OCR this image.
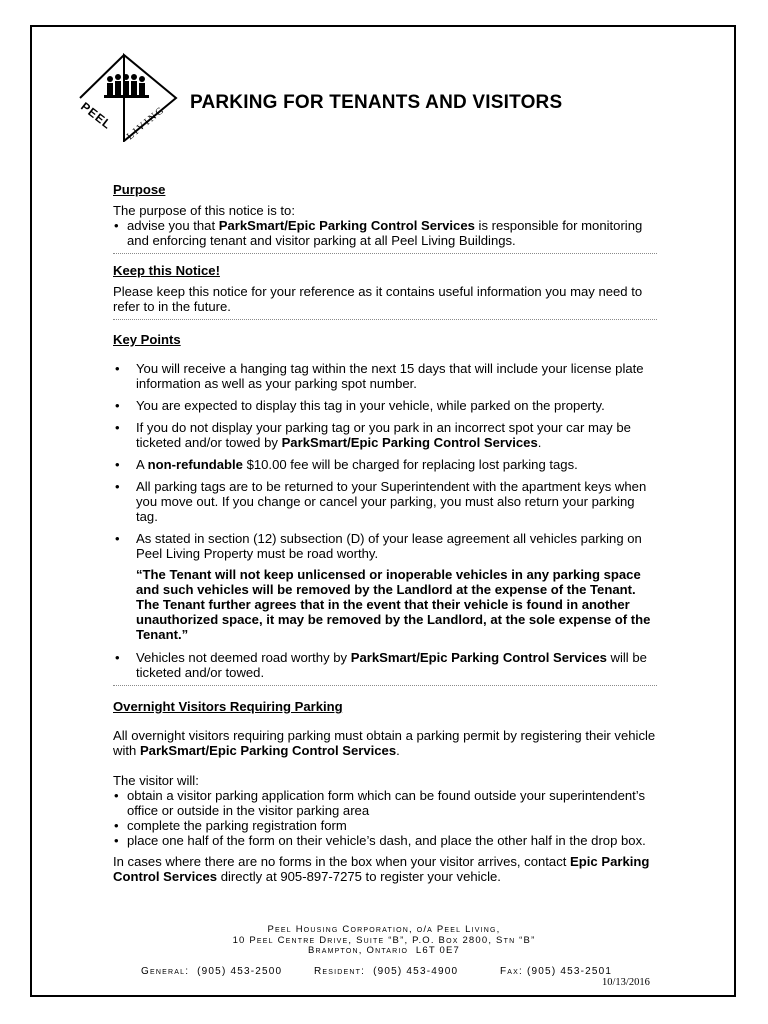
PEEL LIVING
PARKING FOR TENANTS AND VISITORS
Purpose

The purpose of this notice is to:

• advise you that ParkSmart/Epic Parking Control Services is responsible for monitoring and enforcing tenant and visitor parking at all Peel Living Buildings.
Keep this Notice!

Please keep this notice for your reference as it contains useful information you may need to refer to in the future.

Key Points
• You will receive a hanging tag within the next 15 days that will include your license plate information as well as your parking spot number.
• You are expected to display this tag in your vehicle, while parked on the property.
• If you do not display your parking tag or you park in an incorrect spot your car may be ticketed and/or towed by ParkSmart/Epic Parking Control Services.
• A non-refundable $10.00 fee will be charged for replacing lost parking tags.
• All parking tags are to be returned to your Superintendent with the apartment keys when you move out. If you change or cancel your parking, you must also return your parking tag.
• As stated in section (12) subsection (D) of your lease agreement all vehicles parking on Peel Living Property must be road worthy.
“The Tenant will not keep unlicensed or inoperable vehicles in any parking space and such vehicles will be removed by the Landlord at the expense of the Tenant. The Tenant further agrees that in the event that their vehicle is found in another unauthorized space, it may be removed by the Landlord, at the sole expense of the Tenant.”
• Vehicles not deemed road worthy by ParkSmart/Epic Parking Control Services will be ticketed and/or towed.
Overnight Visitors Requiring Parking

All overnight visitors requiring parking must obtain a parking permit by registering their vehicle with ParkSmart/Epic Parking Control Services.

The visitor will:

• obtain a visitor parking application form which can be found outside your superintendent’s office or outside in the visitor parking area
• complete the parking registration form
• place one half of the form on their vehicle’s dash, and place the other half in the drop box.

In cases where there are no forms in the box when your visitor arrives, contact Epic Parking Control Services directly at 905-897-7275 to register your vehicle.

Peel Housing Corporation, o/a Peel Living,
10 Peel Centre Drive, Suite “B”, P.O. Box 2800, Stn “B”
Brampton, Ontario  L6T 0E7
General:  (905) 453-2500	Resident:  (905) 453-4900	Fax: (905) 453-2501
10/13/2016
